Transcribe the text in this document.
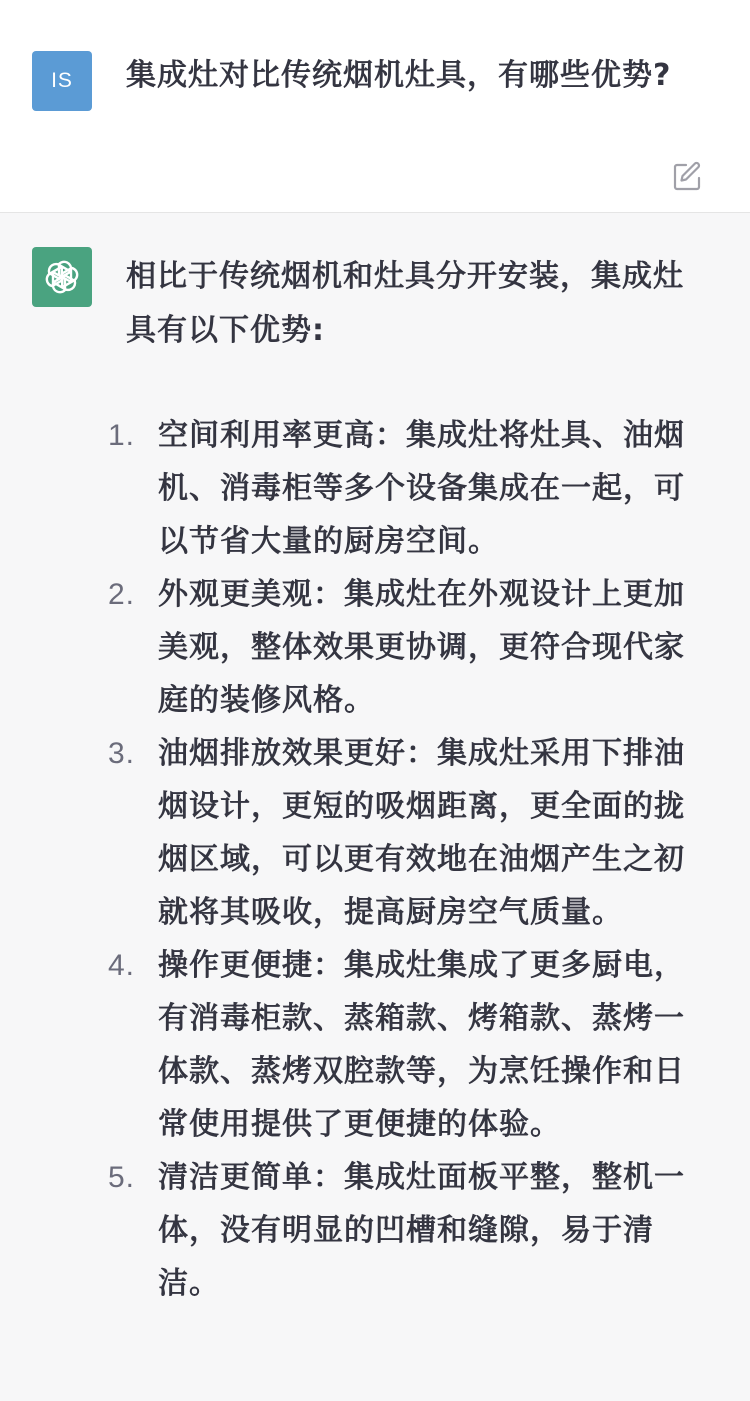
IS 集成灶对比传统烟机灶具，有哪些优势?

相比于传统烟机和灶具分开安装，集成灶具有以下优势:

1. 空间利用率更高：集成灶将灶具、油烟机、消毒柜等多个设备集成在一起，可以节省大量的厨房空间。
2. 外观更美观：集成灶在外观设计上更加美观，整体效果更协调，更符合现代家庭的装修风格。
3. 油烟排放效果更好：集成灶采用下排油烟设计，更短的吸烟距离，更全面的拢烟区域，可以更有效地在油烟产生之初就将其吸收，提高厨房空气质量。
4. 操作更便捷：集成灶集成了更多厨电，有消毒柜款、蒸箱款、烤箱款、蒸烤一体款、蒸烤双腔款等，为烹饪操作和日常使用提供了更便捷的体验。
5. 清洁更简单：集成灶面板平整，整机一体，没有明显的凹槽和缝隙，易于清洁。
